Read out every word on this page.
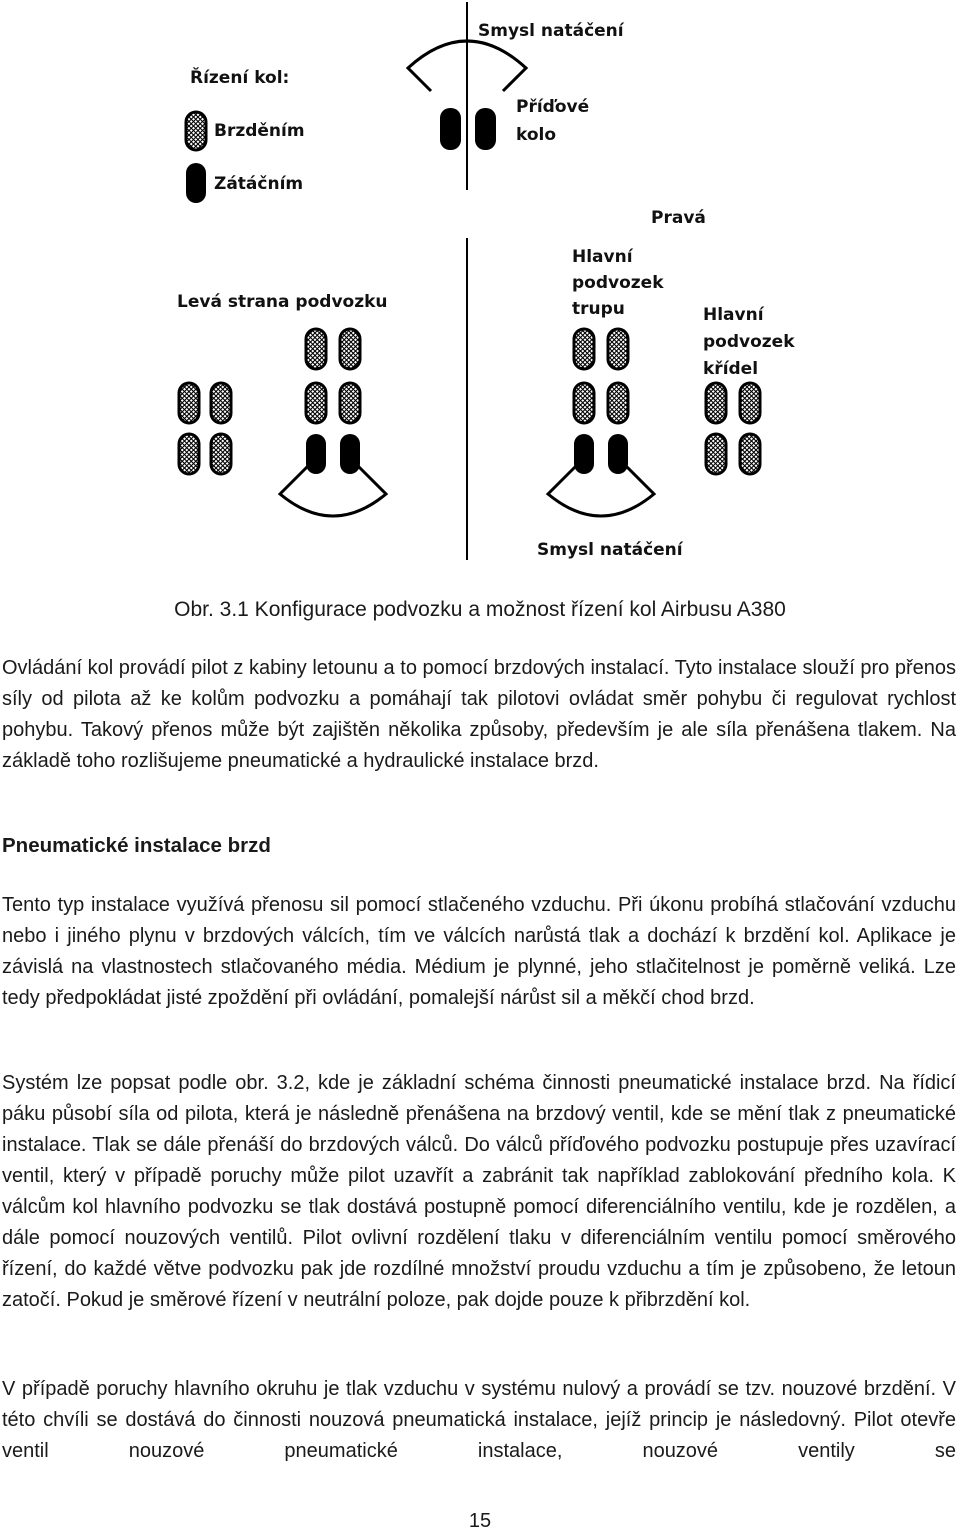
Řízení kol:
Brzděním
Zátáčním
Smysl natáčení
Příďové
kolo
Pravá
Levá strana podvozku
Hlavní
podvozek
trupu	Hlavní
podvozek
křídel
Smysl natáčení
Obr. 3.1 Konfigurace podvozku a možnost řízení kol Airbusu A380

Ovládání kol provádí pilot z kabiny letounu a to pomocí brzdových instalací. Tyto instalace slouží pro přenos síly od pilota až ke kolům podvozku a pomáhají tak pilotovi ovládat směr pohybu či regulovat rychlost pohybu. Takový přenos může být zajištěn několika způsoby, především je ale síla přenášena tlakem. Na základě toho rozlišujeme pneumatické a hydraulické instalace brzd.

Pneumatické instalace brzd

Tento typ instalace využívá přenosu sil pomocí stlačeného vzduchu. Při úkonu probíhá stlačování vzduchu nebo i jiného plynu v brzdových válcích, tím ve válcích narůstá tlak a dochází k brzdění kol. Aplikace je závislá na vlastnostech stlačovaného média. Médium je plynné, jeho stlačitelnost je poměrně veliká. Lze tedy předpokládat jisté zpoždění při ovládání, pomalejší nárůst sil a měkčí chod brzd.

Systém lze popsat podle obr. 3.2, kde je základní schéma činnosti pneumatické instalace brzd. Na řídicí páku působí síla od pilota, která je následně přenášena na brzdový ventil, kde se mění tlak z pneumatické instalace. Tlak se dále přenáší do brzdových válců. Do válců příďového podvozku postupuje přes uzavírací ventil, který v případě poruchy může pilot uzavřít a zabránit tak například zablokování předního kola. K válcům kol hlavního podvozku se tlak dostává postupně pomocí diferenciálního ventilu, kde je rozdělen, a dále pomocí nouzových ventilů. Pilot ovlivní rozdělení tlaku v diferenciálním ventilu pomocí směrového řízení, do každé větve podvozku pak jde rozdílné množství proudu vzduchu a tím je způsobeno, že letoun zatočí. Pokud je směrové řízení v neutrální poloze, pak dojde pouze k přibrzdění kol.

V případě poruchy hlavního okruhu je tlak vzduchu v systému nulový a provádí se tzv. nouzové brzdění. V této chvíli se dostává do činnosti nouzová pneumatická instalace, jejíž princip je následovný. Pilot otevře ventil nouzové pneumatické instalace, nouzové ventily se

15
